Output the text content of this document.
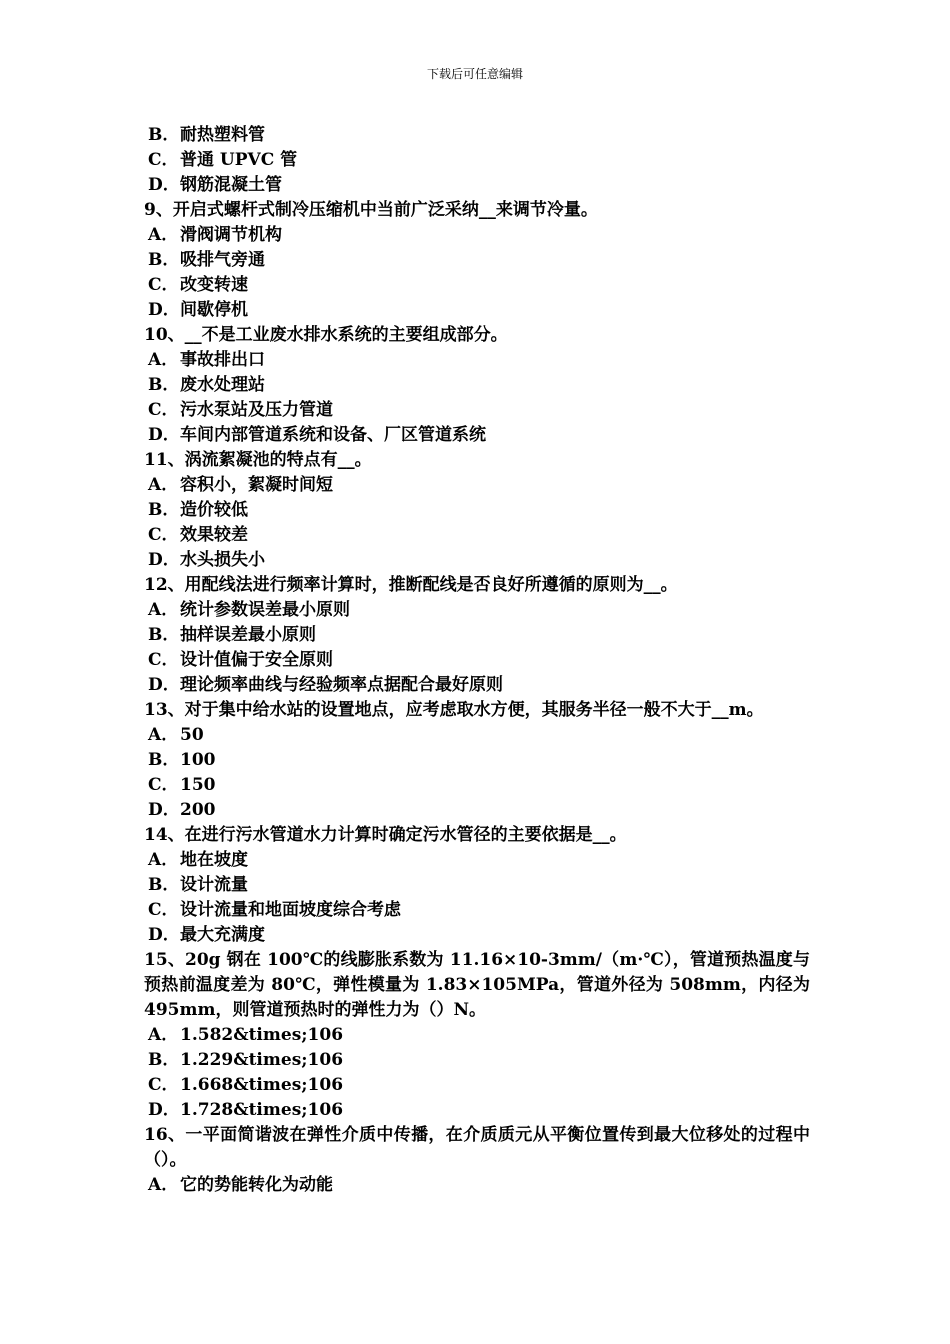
下载后可任意编辑
B．耐热塑料管
C．普通 UPVC 管
D．钢筋混凝土管
9、开启式螺杆式制冷压缩机中当前广泛采纳__来调节冷量。
A． 滑阀调节机构
B．吸排气旁通
C．改变转速
D．间歇停机
10、__不是工业废水排水系统的主要组成部分。
A． 事故排出口
B．废水处理站
C．污水泵站及压力管道
D．车间内部管道系统和设备、厂区管道系统
11、涡流絮凝池的特点有__。
A． 容积小，絮凝时间短
B．造价较低
C．效果较差
D．水头损失小
12、用配线法进行频率计算时，推断配线是否良好所遵循的原则为__。
A． 统计参数误差最小原则
B．抽样误差最小原则
C．设计值偏于安全原则
D．理论频率曲线与经验频率点据配合最好原则
13、对于集中给水站的设置地点，应考虑取水方便，其服务半径一般不大于__m。
A． 50
B．100
C．150
D．200
14、在进行污水管道水力计算时确定污水管径的主要依据是__。
A． 地在坡度
B．设计流量
C．设计流量和地面坡度综合考虑
D．最大充满度
15、20g 钢在 100℃的线膨胀系数为 11.16×10-3mm/（m·℃），管道预热温度与预热前温度差为 80℃，弹性模量为 1.83×105MPa，管道外径为 508mm，内径为 495mm，则管道预热时的弹性力为（）N。
A． 1.582&times;106
B．1.229&times;106
C．1.668&times;106
D．1.728&times;106
16、一平面简谐波在弹性介质中传播，在介质质元从平衡位置传到最大位移处的过程中（）。
A． 它的势能转化为动能
